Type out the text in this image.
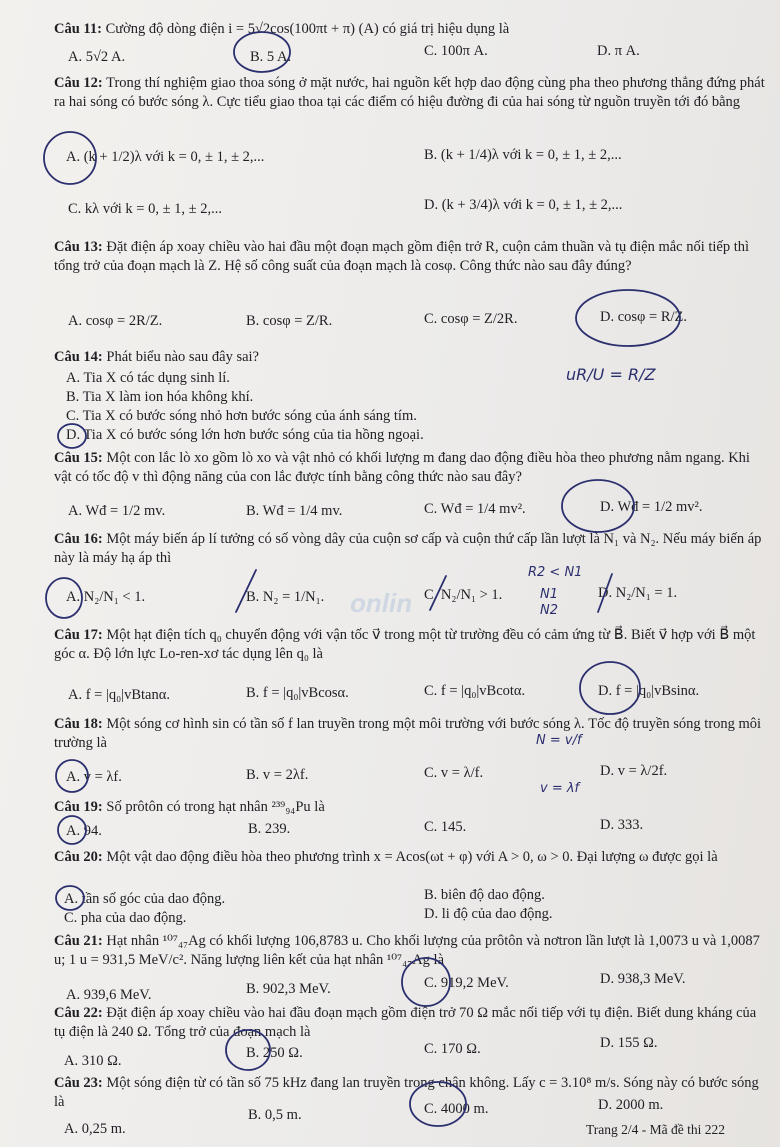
Câu 11: Cường độ dòng điện i = 5√2cos(100πt + π) (A) có giá trị hiệu dụng là
A. 5√2 A.	B. 5 A.	C. 100π A.	D. π A.
Câu 12: Trong thí nghiệm giao thoa sóng ở mặt nước, hai nguồn kết hợp dao động cùng pha theo phương thẳng đứng phát ra hai sóng có bước sóng λ. Cực tiểu giao thoa tại các điểm có hiệu đường đi của hai sóng từ nguồn truyền tới đó bằng
A. (k + 1/2)λ với k = 0, ± 1, ± 2,...	B. (k + 1/4)λ với k = 0, ± 1, ± 2,...
C. kλ với k = 0, ± 1, ± 2,...	D. (k + 3/4)λ với k = 0, ± 1, ± 2,...
Câu 13: Đặt điện áp xoay chiều vào hai đầu một đoạn mạch gồm điện trở R, cuộn cảm thuần và tụ điện mắc nối tiếp thì tổng trở của đoạn mạch là Z. Hệ số công suất của đoạn mạch là cosφ. Công thức nào sau đây đúng?
A. cosφ = 2R/Z.	B. cosφ = Z/R.	C. cosφ = Z/2R.	D. cosφ = R/Z.
Câu 14: Phát biểu nào sau đây sai?
A. Tia X có tác dụng sinh lí.
B. Tia X làm ion hóa không khí.
C. Tia X có bước sóng nhỏ hơn bước sóng của ánh sáng tím.
D. Tia X có bước sóng lớn hơn bước sóng của tia hồng ngoại.
Câu 15: Một con lắc lò xo gồm lò xo và vật nhỏ có khối lượng m đang dao động điều hòa theo phương nằm ngang. Khi vật có tốc độ v thì động năng của con lắc được tính bằng công thức nào sau đây?
A. Wđ = 1/2 mv.	B. Wđ = 1/4 mv.	C. Wđ = 1/4 mv².	D. Wđ = 1/2 mv².
Câu 16: Một máy biến áp lí tưởng có số vòng dây của cuộn sơ cấp và cuộn thứ cấp lần lượt là N₁ và N₂. Nếu máy biến áp này là máy hạ áp thì
A. N₂/N₁ < 1.	B. N₂ = 1/N₁.	C. N₂/N₁ > 1.	D. N₂/N₁ = 1.
onlin
Câu 17: Một hạt điện tích q₀ chuyển động với vận tốc v⃗ trong một từ trường đều có cảm ứng từ B⃗. Biết v⃗ hợp với B⃗ một góc α. Độ lớn lực Lo-ren-xơ tác dụng lên q₀ là
A. f = |q₀|vBtanα.	B. f = |q₀|vBcosα.	C. f = |q₀|vBcotα.	D. f = |q₀|vBsinα.
Câu 18: Một sóng cơ hình sin có tần số f lan truyền trong một môi trường với bước sóng λ. Tốc độ truyền sóng trong môi trường là
A. v = λf.	B. v = 2λf.	C. v = λ/f.	D. v = λ/2f.
Câu 19: Số prôtôn có trong hạt nhân ²³⁹₉₄Pu là
A. 94.	B. 239.	C. 145.	D. 333.
Câu 20: Một vật dao động điều hòa theo phương trình x = Acos(ωt + φ) với A > 0, ω > 0. Đại lượng ω được gọi là
A. tần số góc của dao động.	B. biên độ dao động.
C. pha của dao động.	D. li độ của dao động.
Câu 21: Hạt nhân ¹⁰⁷₄₇Ag có khối lượng 106,8783 u. Cho khối lượng của prôtôn và nơtron lần lượt là 1,0073 u và 1,0087 u; 1 u = 931,5 MeV/c². Năng lượng liên kết của hạt nhân ¹⁰⁷₄₇Ag là
A. 939,6 MeV.	B. 902,3 MeV.	C. 919,2 MeV.	D. 938,3 MeV.
Câu 22: Đặt điện áp xoay chiều vào hai đầu đoạn mạch gồm điện trở 70 Ω mắc nối tiếp với tụ điện. Biết dung kháng của tụ điện là 240 Ω. Tổng trở của đoạn mạch là
A. 310 Ω.	B. 250 Ω.	C. 170 Ω.	D. 155 Ω.
Câu 23: Một sóng điện từ có tần số 75 kHz đang lan truyền trong chân không. Lấy c = 3.10⁸ m/s. Sóng này có bước sóng là
A. 0,25 m.
B. 0,5 m.	C. 4000 m.	D. 2000 m.
Trang 2/4 - Mã đề thi 222
R2 < N1
N1
N2
N = v/f
v = λf
uR/U = R/Z
